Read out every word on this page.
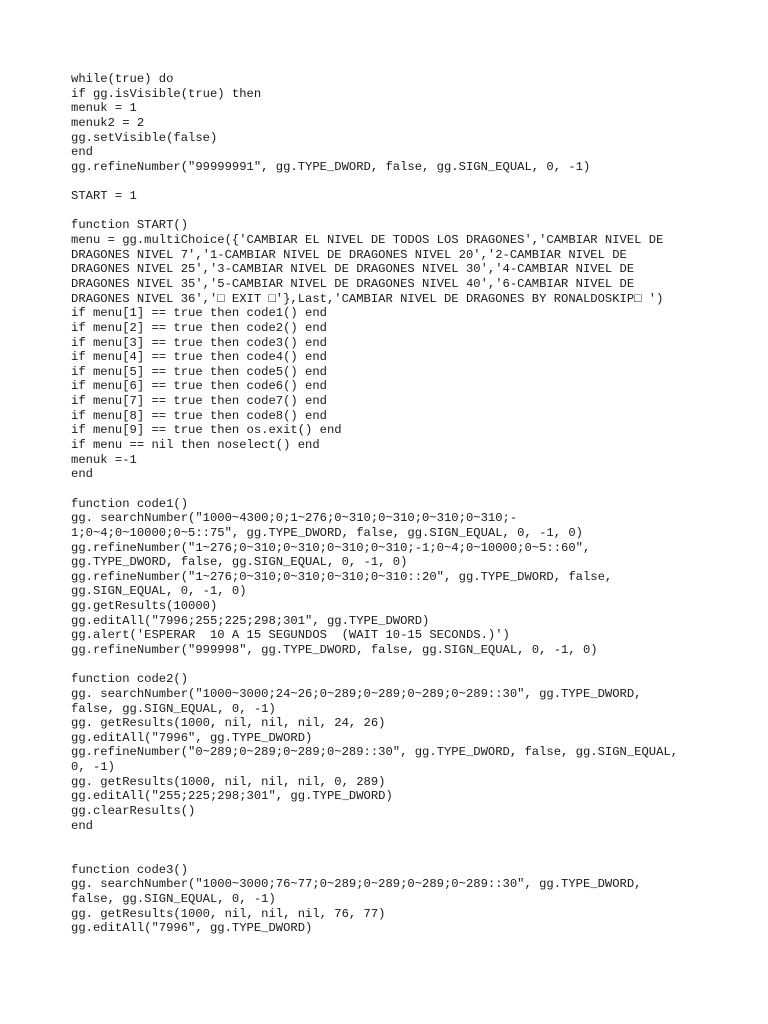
while(true) do
if gg.isVisible(true) then
menuk = 1
menuk2 = 2
gg.setVisible(false)
end
gg.refineNumber("99999991", gg.TYPE_DWORD, false, gg.SIGN_EQUAL, 0, -1)
START = 1
function START()
menu = gg.multiChoice({'CAMBIAR EL NIVEL DE TODOS LOS DRAGONES','CAMBIAR NIVEL DE
DRAGONES NIVEL 7','1-CAMBIAR NIVEL DE DRAGONES NIVEL 20','2-CAMBIAR NIVEL DE
DRAGONES NIVEL 25','3-CAMBIAR NIVEL DE DRAGONES NIVEL 30','4-CAMBIAR NIVEL DE
DRAGONES NIVEL 35','5-CAMBIAR NIVEL DE DRAGONES NIVEL 40','6-CAMBIAR NIVEL DE
DRAGONES NIVEL 36','□ EXIT □'},Last,'CAMBIAR NIVEL DE DRAGONES BY RONALDOSKIP□ ')
if menu[1] == true then code1() end
if menu[2] == true then code2() end
if menu[3] == true then code3() end
if menu[4] == true then code4() end
if menu[5] == true then code5() end
if menu[6] == true then code6() end
if menu[7] == true then code7() end
if menu[8] == true then code8() end
if menu[9] == true then os.exit() end
if menu == nil then noselect() end
menuk =-1
end
function code1()
gg. searchNumber("1000~4300;0;1~276;0~310;0~310;0~310;0~310;-
1;0~4;0~10000;0~5::75", gg.TYPE_DWORD, false, gg.SIGN_EQUAL, 0, -1, 0)
gg.refineNumber("1~276;0~310;0~310;0~310;0~310;-1;0~4;0~10000;0~5::60",
gg.TYPE_DWORD, false, gg.SIGN_EQUAL, 0, -1, 0)
gg.refineNumber("1~276;0~310;0~310;0~310;0~310::20", gg.TYPE_DWORD, false,
gg.SIGN_EQUAL, 0, -1, 0)
gg.getResults(10000)
gg.editAll("7996;255;225;298;301", gg.TYPE_DWORD)
gg.alert('ESPERAR  10 A 15 SEGUNDOS  (WAIT 10-15 SECONDS.)')
gg.refineNumber("999998", gg.TYPE_DWORD, false, gg.SIGN_EQUAL, 0, -1, 0)
function code2()
gg. searchNumber("1000~3000;24~26;0~289;0~289;0~289;0~289::30", gg.TYPE_DWORD,
false, gg.SIGN_EQUAL, 0, -1)
gg. getResults(1000, nil, nil, nil, 24, 26)
gg.editAll("7996", gg.TYPE_DWORD)
gg.refineNumber("0~289;0~289;0~289;0~289::30", gg.TYPE_DWORD, false, gg.SIGN_EQUAL,
0, -1)
gg. getResults(1000, nil, nil, nil, 0, 289)
gg.editAll("255;225;298;301", gg.TYPE_DWORD)
gg.clearResults()
end
function code3()
gg. searchNumber("1000~3000;76~77;0~289;0~289;0~289;0~289::30", gg.TYPE_DWORD,
false, gg.SIGN_EQUAL, 0, -1)
gg. getResults(1000, nil, nil, nil, 76, 77)
gg.editAll("7996", gg.TYPE_DWORD)
